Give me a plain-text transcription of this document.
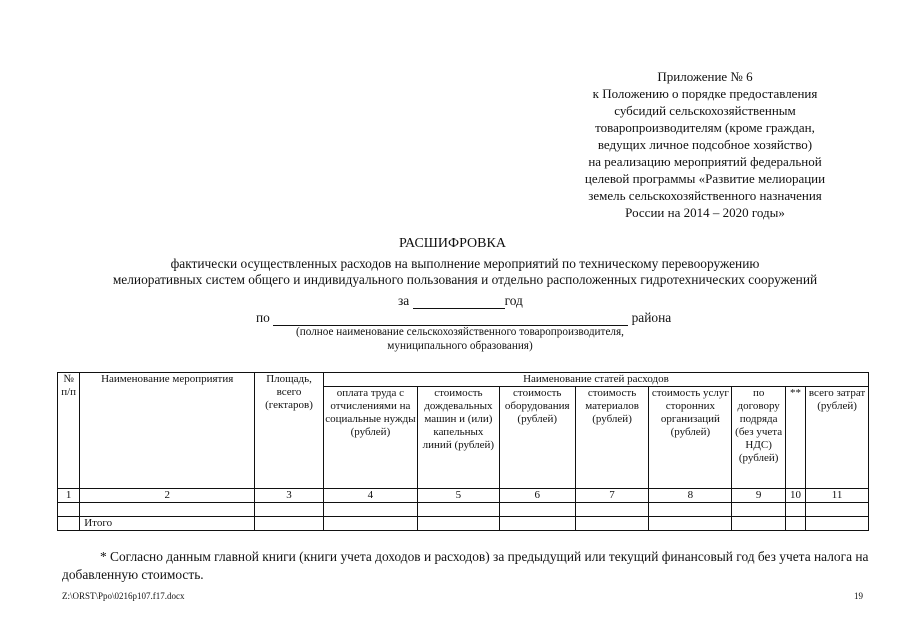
Приложение № 6
к Положению о порядке предоставления
субсидий сельскохозяйственным
товаропроизводителям (кроме граждан,
ведущих личное подсобное хозяйство)
на реализацию мероприятий федеральной
целевой программы «Развитие мелиорации
земель сельскохозяйственного назначения
России на 2014 – 2020 годы»
РАСШИФРОВКА
фактически осуществленных расходов на выполнение мероприятий по техническому перевооружению
мелиоративных систем общего и индивидуального пользования и отдельно расположенных гидротехнических сооружений
за	год
по	района
(полное наименование сельскохозяйственного товаропроизводителя,
муниципального образования)
№ п/п	Наименование мероприятия	Площадь, всего (гектаров)	Наименование статей расходов							
			оплата труда с отчислениями на социальные нужды (рублей)	стоимость дождевальных машин и (или) капельных линий (рублей)	стоимость оборудования (рублей)	стоимость материалов (рублей)	стоимость услуг сторонних организаций (рублей)	по договору подряда (без учета НДС) (рублей)	**	всего затрат (рублей)
1	2	3	4	5	6	7	8	9	10	11

	Итого									
* Согласно данным главной книги (книги учета доходов и расходов) за предыдущий или текущий финансовый год без учета налога на добавленную стоимость.
Z:\ORST\Ppo\0216p107.f17.docx	19
